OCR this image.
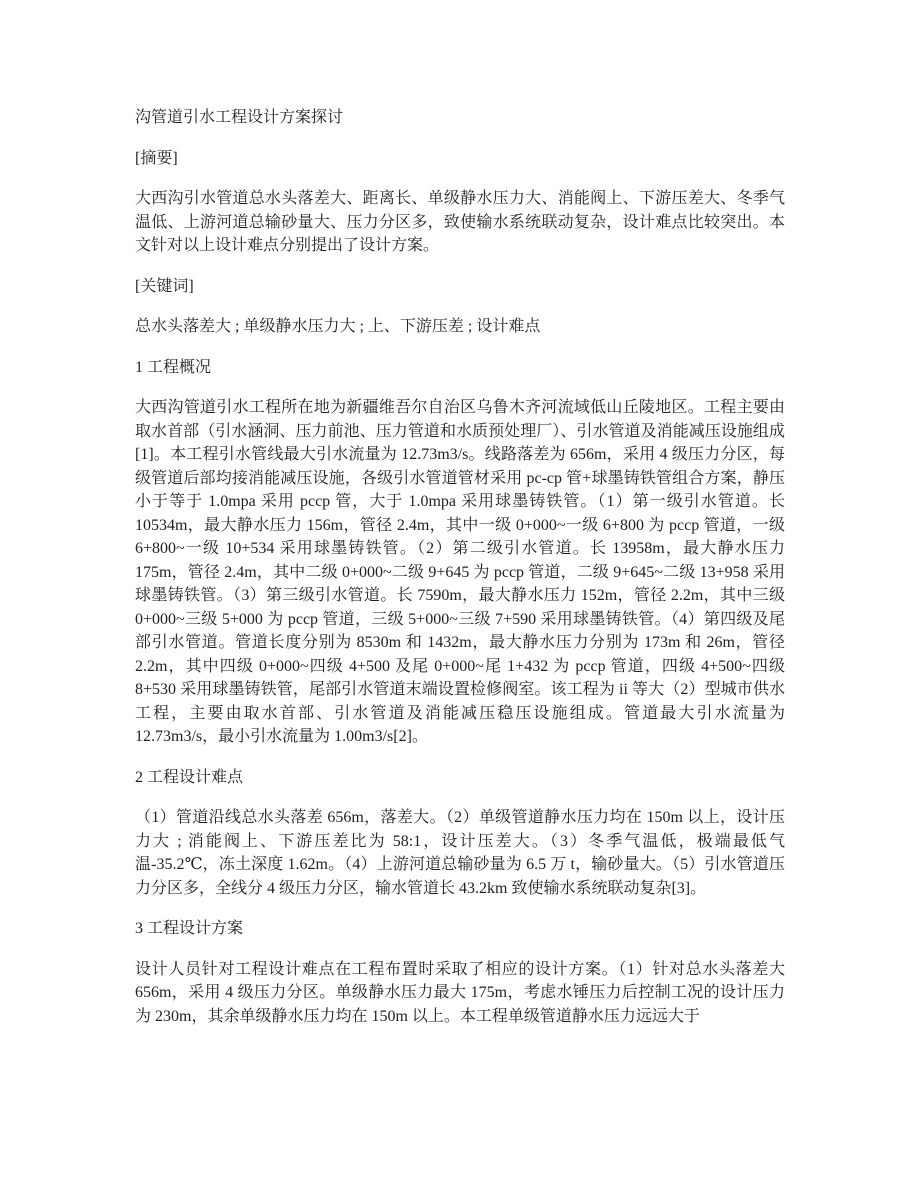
沟管道引水工程设计方案探讨

[摘要]

大西沟引水管道总水头落差大、距离长、单级静水压力大、消能阀上、下游压差大、冬季气温低、上游河道总输砂量大、压力分区多，致使输水系统联动复杂，设计难点比较突出。本文针对以上设计难点分别提出了设计方案。

[关键词]

总水头落差大 ; 单级静水压力大 ; 上、下游压差 ; 设计难点

1 工程概况

大西沟管道引水工程所在地为新疆维吾尔自治区乌鲁木齐河流域低山丘陵地区。工程主要由取水首部（引水涵洞、压力前池、压力管道和水质预处理厂）、引水管道及消能减压设施组成[1]。本工程引水管线最大引水流量为 12.73m3/s。线路落差为 656m，采用 4 级压力分区，每级管道后部均接消能减压设施，各级引水管道管材采用 pc-cp 管+球墨铸铁管组合方案，静压小于等于 1.0mpa 采用 pccp 管，大于 1.0mpa 采用球墨铸铁管。（1）第一级引水管道。长 10534m，最大静水压力 156m，管径 2.4m，其中一级 0+000~一级 6+800 为 pccp 管道，一级 6+800~一级 10+534 采用球墨铸铁管。（2）第二级引水管道。长 13958m，最大静水压力 175m，管径 2.4m，其中二级 0+000~二级 9+645 为 pccp 管道，二级 9+645~二级 13+958 采用球墨铸铁管。（3）第三级引水管道。长 7590m，最大静水压力 152m，管径 2.2m，其中三级 0+000~三级 5+000 为 pccp 管道，三级 5+000~三级 7+590 采用球墨铸铁管。（4）第四级及尾部引水管道。管道长度分别为 8530m 和 1432m，最大静水压力分别为 173m 和 26m，管径 2.2m，其中四级 0+000~四级 4+500 及尾 0+000~尾 1+432 为 pccp 管道，四级 4+500~四级 8+530 采用球墨铸铁管，尾部引水管道末端设置检修阀室。该工程为 ii 等大（2）型城市供水工程，主要由取水首部、引水管道及消能减压稳压设施组成。管道最大引水流量为 12.73m3/s，最小引水流量为 1.00m3/s[2]。

2 工程设计难点

（1）管道沿线总水头落差 656m，落差大。（2）单级管道静水压力均在 150m 以上，设计压力大 ; 消能阀上、下游压差比为 58:1，设计压差大。（3）冬季气温低，极端最低气温-35.2℃，冻土深度 1.62m。（4）上游河道总输砂量为 6.5 万 t，输砂量大。（5）引水管道压力分区多，全线分 4 级压力分区，输水管道长 43.2km 致使输水系统联动复杂[3]。

3 工程设计方案

设计人员针对工程设计难点在工程布置时采取了相应的设计方案。（1）针对总水头落差大 656m，采用 4 级压力分区。单级静水压力最大 175m，考虑水锤压力后控制工况的设计压力为 230m，其余单级静水压力均在 150m 以上。本工程单级管道静水压力远远大于
